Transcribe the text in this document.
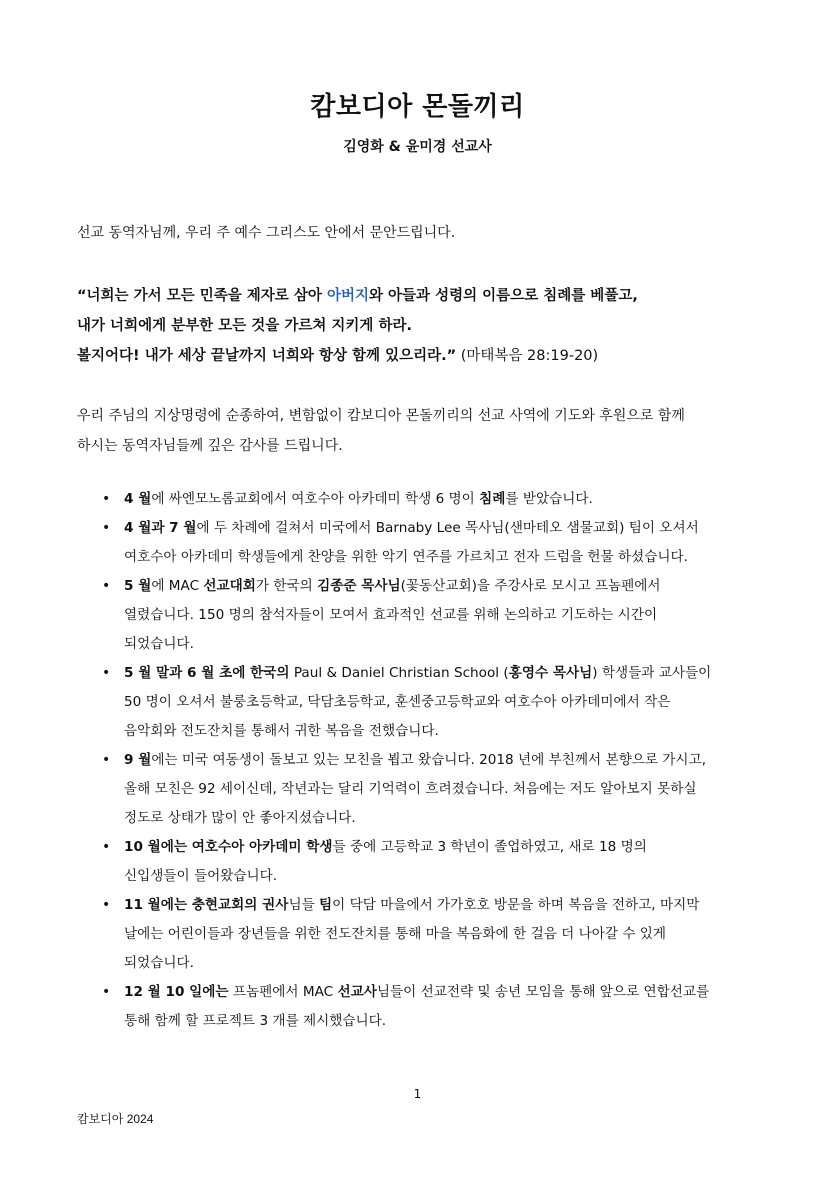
캄보디아 몬돌끼리
김영화 & 윤미경 선교사
선교 동역자님께, 우리 주 예수 그리스도 안에서 문안드립니다.
“너희는 가서 모든 민족을 제자로 삼아 아버지와 아들과 성령의 이름으로 침례를 베풀고,
내가 너희에게 분부한 모든 것을 가르쳐 지키게 하라.
볼지어다! 내가 세상 끝날까지 너희와 항상 함께 있으리라.” (마태복음 28:19-20)
우리 주님의 지상명령에 순종하여, 변함없이 캄보디아 몬돌끼리의 선교 사역에 기도와 후원으로 함께
하시는 동역자님들께 깊은 감사를 드립니다.
• 4 월에 싸엔모노롬교회에서 여호수아 아카데미 학생 6 명이 침례를 받았습니다.
• 4 월과 7 월에 두 차례에 걸쳐서 미국에서 Barnaby Lee 목사님(샌마테오 샘물교회) 팀이 오셔서
여호수아 아카데미 학생들에게 찬양을 위한 악기 연주를 가르치고 전자 드럼을 헌물 하셨습니다.
• 5 월에 MAC 선교대회가 한국의 김종준 목사님(꽃동산교회)을 주강사로 모시고 프놈펜에서
열렸습니다. 150 명의 참석자들이 모여서 효과적인 선교를 위해 논의하고 기도하는 시간이
되었습니다.
• 5 월 말과 6 월 초에 한국의 Paul & Daniel Christian School (홍영수 목사님) 학생들과 교사들이
50 명이 오셔서 불룽초등학교, 닥담초등학교, 훈센중고등학교와 여호수아 아카데미에서 작은
음악회와 전도잔치를 통해서 귀한 복음을 전했습니다.
• 9 월에는 미국 여동생이 돌보고 있는 모친을 뵙고 왔습니다. 2018 년에 부친께서 본향으로 가시고,
올해 모친은 92 세이신데, 작년과는 달리 기억력이 흐려졌습니다. 처음에는 저도 알아보지 못하실
정도로 상태가 많이 안 좋아지셨습니다.
• 10 월에는 여호수아 아카데미 학생들 중에 고등학교 3 학년이 졸업하였고, 새로 18 명의
신입생들이 들어왔습니다.
• 11 월에는 충현교회의 권사님들 팀이 닥담 마을에서 가가호호 방문을 하며 복음을 전하고, 마지막
날에는 어린이들과 장년들을 위한 전도잔치를 통해 마을 복음화에 한 걸음 더 나아갈 수 있게
되었습니다.
• 12 월 10 일에는 프놈펜에서 MAC 선교사님들이 선교전략 및 송년 모임을 통해 앞으로 연합선교를
통해 함께 할 프로젝트 3 개를 제시했습니다.
1
캄보디아 2024
